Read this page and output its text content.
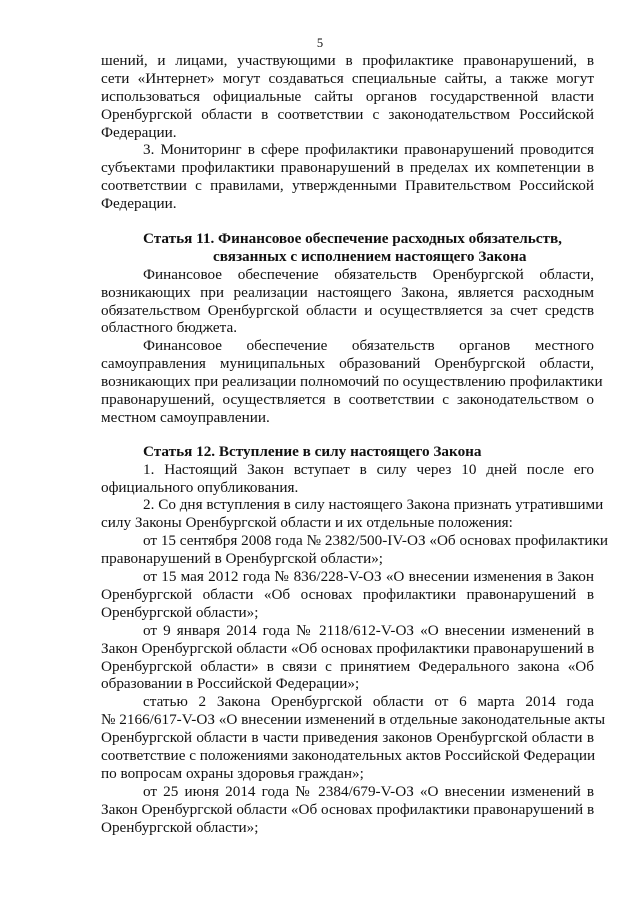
5
шений, и лицами, участвующими в профилактике правонарушений, в
сети «Интернет» могут создаваться специальные сайты, а также могут
использоваться официальные сайты органов государственной власти
Оренбургской области в соответствии с законодательством Российской
Федерации.
3. Мониторинг в сфере профилактики правонарушений проводится
субъектами профилактики правонарушений в пределах их компетенции в
соответствии с правилами, утвержденными Правительством Российской
Федерации.
Статья 11. Финансовое обеспечение расходных обязательств,
связанных с исполнением настоящего Закона
Финансовое обеспечение обязательств Оренбургской области,
возникающих при реализации настоящего Закона, является расходным
обязательством Оренбургской области и осуществляется за счет средств
областного бюджета.
Финансовое обеспечение обязательств органов местного
самоуправления муниципальных образований Оренбургской области,
возникающих при реализации полномочий по осуществлению профилактики
правонарушений, осуществляется в соответствии с законодательством о
местном самоуправлении.
Статья 12. Вступление в силу настоящего Закона
1. Настоящий Закон вступает в силу через 10 дней после его
официального опубликования.
2. Со дня вступления в силу настоящего Закона признать утратившими
силу Законы Оренбургской области и их отдельные положения:
от 15 сентября 2008 года № 2382/500-IV-ОЗ «Об основах профилактики
правонарушений в Оренбургской области»;
от 15 мая 2012 года № 836/228-V-ОЗ «О внесении изменения в Закон
Оренбургской области «Об основах профилактики правонарушений в
Оренбургской области»;
от 9 января 2014 года № 2118/612-V-ОЗ «О внесении изменений в
Закон Оренбургской области «Об основах профилактики правонарушений в
Оренбургской области» в связи с принятием Федерального закона «Об
образовании в Российской Федерации»;
статью 2 Закона Оренбургской области от 6 марта 2014 года
№ 2166/617-V-ОЗ «О внесении изменений в отдельные законодательные акты
Оренбургской области в части приведения законов Оренбургской области в
соответствие с положениями законодательных актов Российской Федерации
по вопросам охраны здоровья граждан»;
от 25 июня 2014 года № 2384/679-V-ОЗ «О внесении изменений в
Закон Оренбургской области «Об основах профилактики правонарушений в
Оренбургской области»;
